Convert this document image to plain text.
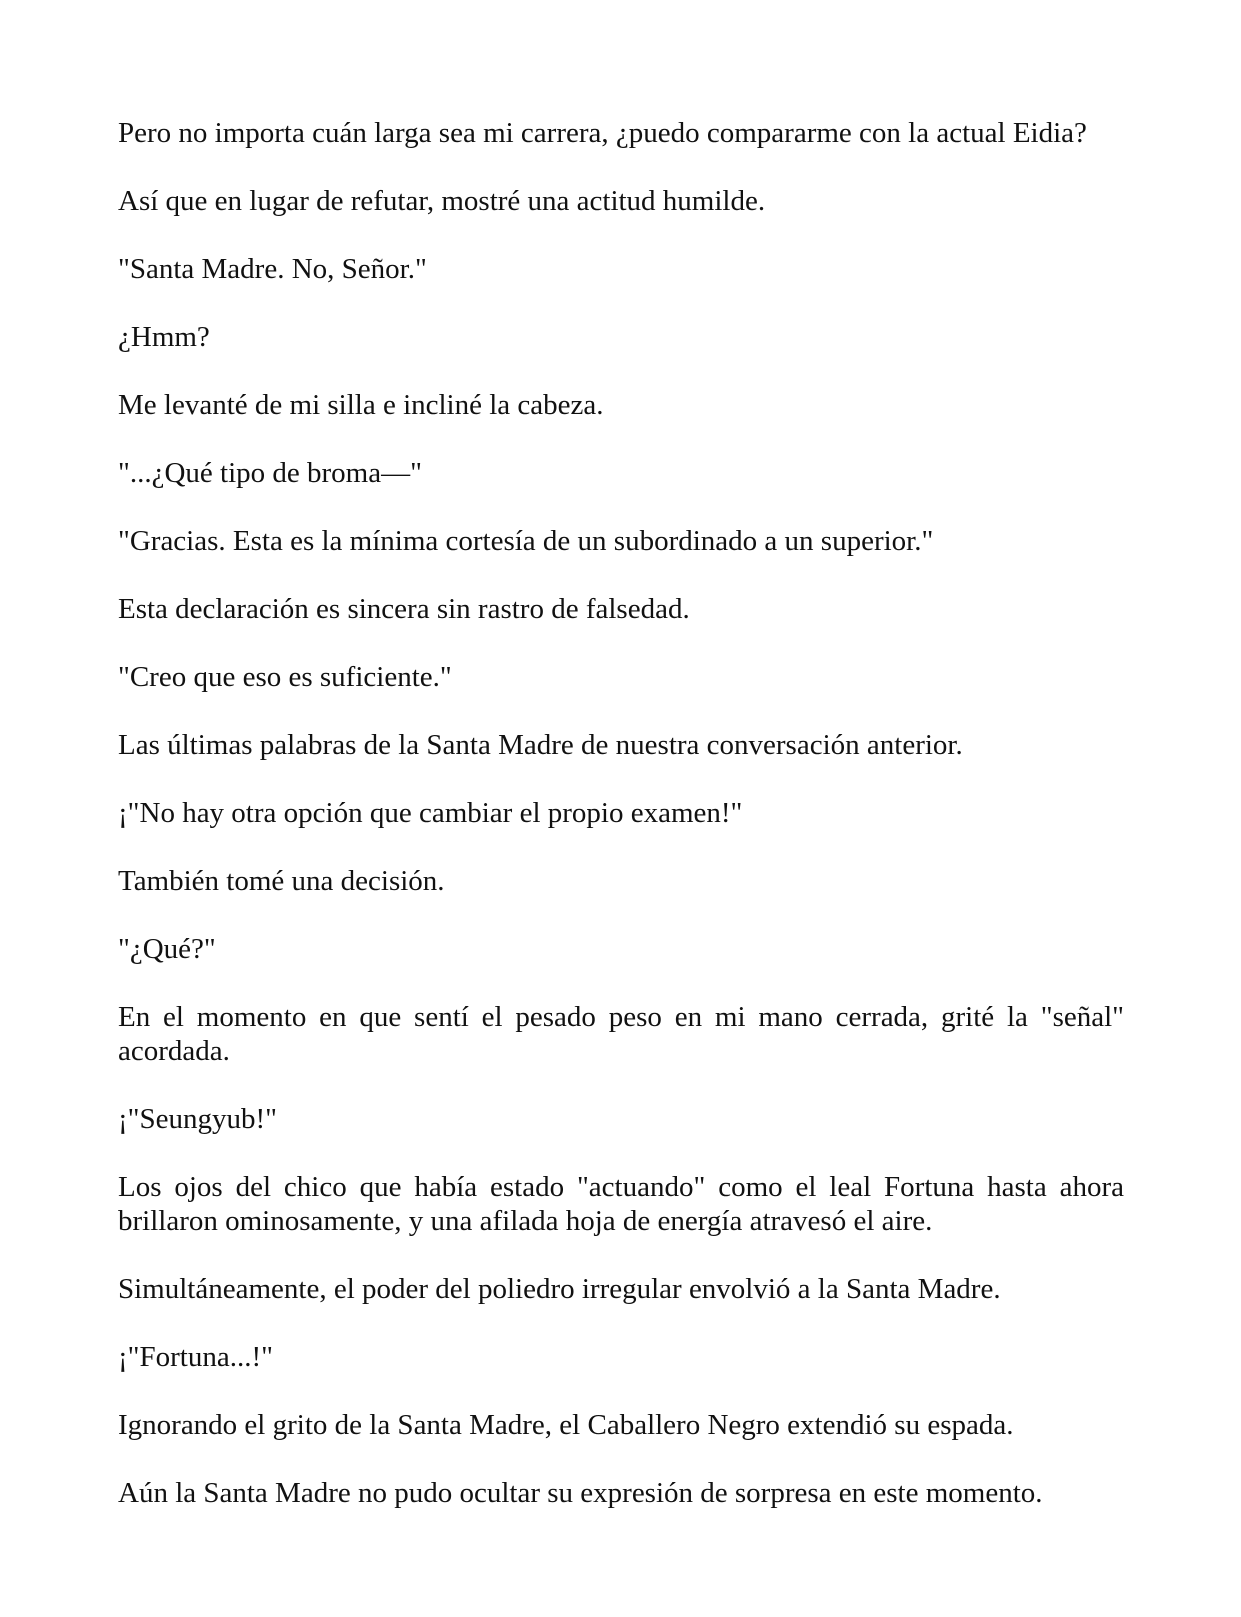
Pero no importa cuán larga sea mi carrera, ¿puedo compararme con la actual Eidia?

Así que en lugar de refutar, mostré una actitud humilde.

"Santa Madre. No, Señor."

¿Hmm?

Me levanté de mi silla e incliné la cabeza.

"...¿Qué tipo de broma—"

"Gracias. Esta es la mínima cortesía de un subordinado a un superior."

Esta declaración es sincera sin rastro de falsedad.

"Creo que eso es suficiente."

Las últimas palabras de la Santa Madre de nuestra conversación anterior.

¡"No hay otra opción que cambiar el propio examen!"

También tomé una decisión.

"¿Qué?"

En el momento en que sentí el pesado peso en mi mano cerrada, grité la "señal" acordada.

¡"Seungyub!"

Los ojos del chico que había estado "actuando" como el leal Fortuna hasta ahora brillaron ominosamente, y una afilada hoja de energía atravesó el aire.

Simultáneamente, el poder del poliedro irregular envolvió a la Santa Madre.

¡"Fortuna...!"

Ignorando el grito de la Santa Madre, el Caballero Negro extendió su espada.

Aún la Santa Madre no pudo ocultar su expresión de sorpresa en este momento.
